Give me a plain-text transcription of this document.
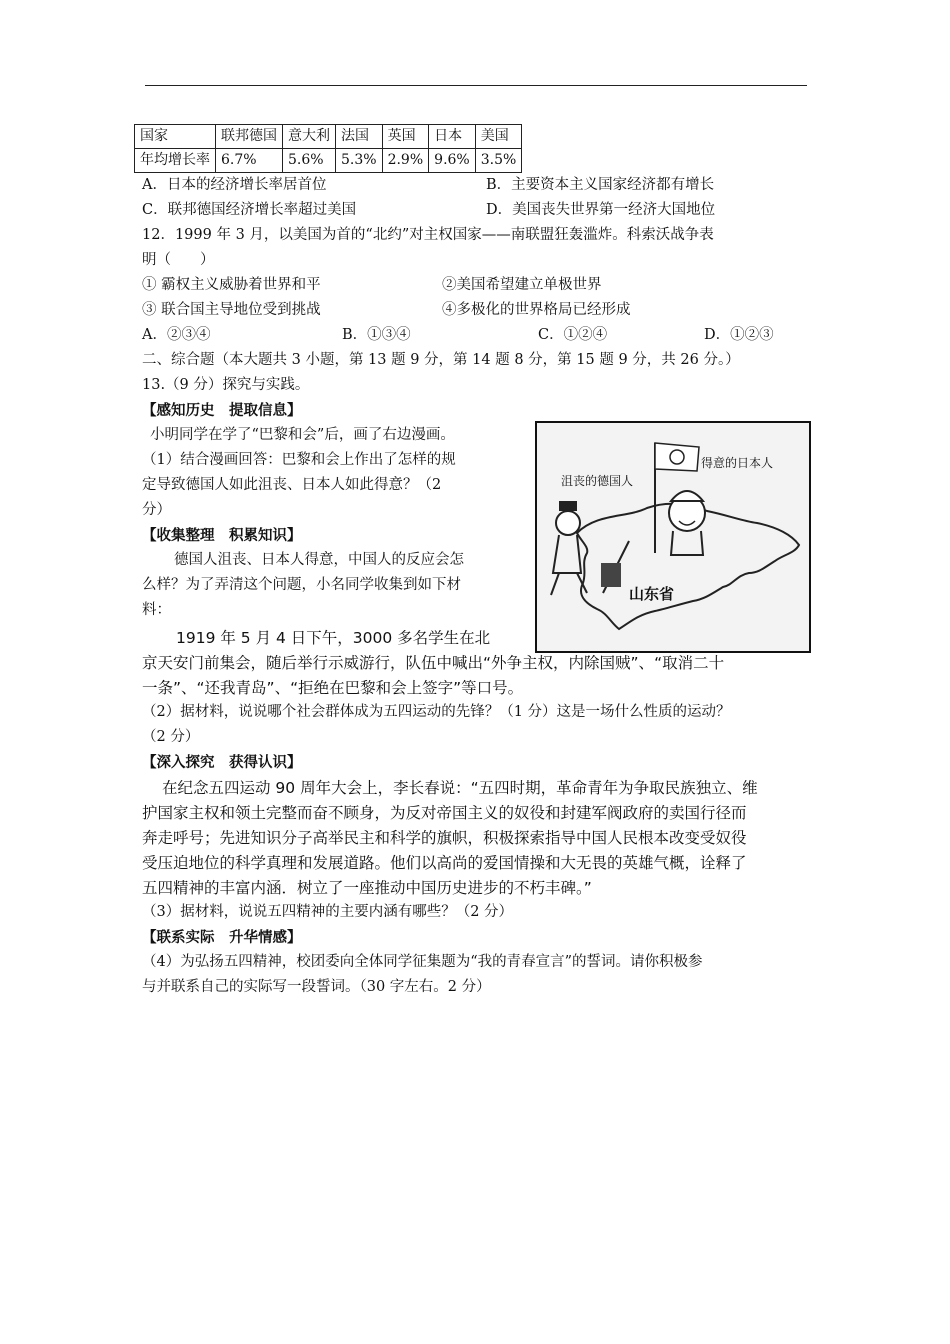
国家	联邦德国	意大利	法国	英国	日本	美国
年均增长率	6.7%	5.6%	5.3%	2.9%	9.6%	3.5%
A．日本的经济增长率居首位	B．主要资本主义国家经济都有增长
C．联邦德国经济增长率超过美国	D．美国丧失世界第一经济大国地位
12．1999 年 3 月，以美国为首的“北约”对主权国家——南联盟狂轰滥炸。科索沃战争表
明（　　）
① 霸权主义威胁着世界和平	②美国希望建立单极世界
③ 联合国主导地位受到挑战	④多极化的世界格局已经形成
A．②③④	B．①③④	C．①②④	D．①②③
二、综合题（本大题共 3 小题，第 13 题 9 分，第 14 题 8 分，第 15 题 9 分，共 26 分。）
13.（9 分）探究与实践。
【感知历史　提取信息】
小明同学在学了“巴黎和会”后，画了右边漫画。
（1）结合漫画回答：巴黎和会上作出了怎样的规
定导致德国人如此沮丧、日本人如此得意？（2
分）
【收集整理　积累知识】
德国人沮丧、日本人得意，中国人的反应会怎
么样？为了弄清这个问题，小名同学收集到如下材
料：
1919 年 5 月 4 日下午，3000 多名学生在北
京天安门前集会，随后举行示威游行，队伍中喊出“外争主权，内除国贼”、“取消二十
一条”、“还我青岛”、“拒绝在巴黎和会上签字”等口号。
（2）据材料，说说哪个社会群体成为五四运动的先锋？（1 分）这是一场什么性质的运动？
（2 分）
【深入探究　获得认识】
在纪念五四运动 90 周年大会上，李长春说：“五四时期，革命青年为争取民族独立、维
护国家主权和领土完整而奋不顾身，为反对帝国主义的奴役和封建军阀政府的卖国行径而
奔走呼号；先进知识分子高举民主和科学的旗帜，积极探索指导中国人民根本改变受奴役
受压迫地位的科学真理和发展道路。他们以高尚的爱国情操和大无畏的英雄气概，诠释了
五四精神的丰富内涵．树立了一座推动中国历史进步的不朽丰碑。”
（3）据材料，说说五四精神的主要内涵有哪些？（2 分）
【联系实际　升华情感】
（4）为弘扬五四精神，校团委向全体同学征集题为“我的青春宣言”的誓词。请你积极参
与并联系自己的实际写一段誓词。（30 字左右。2 分）
沮丧的德国人
得意的日本人
山东省
